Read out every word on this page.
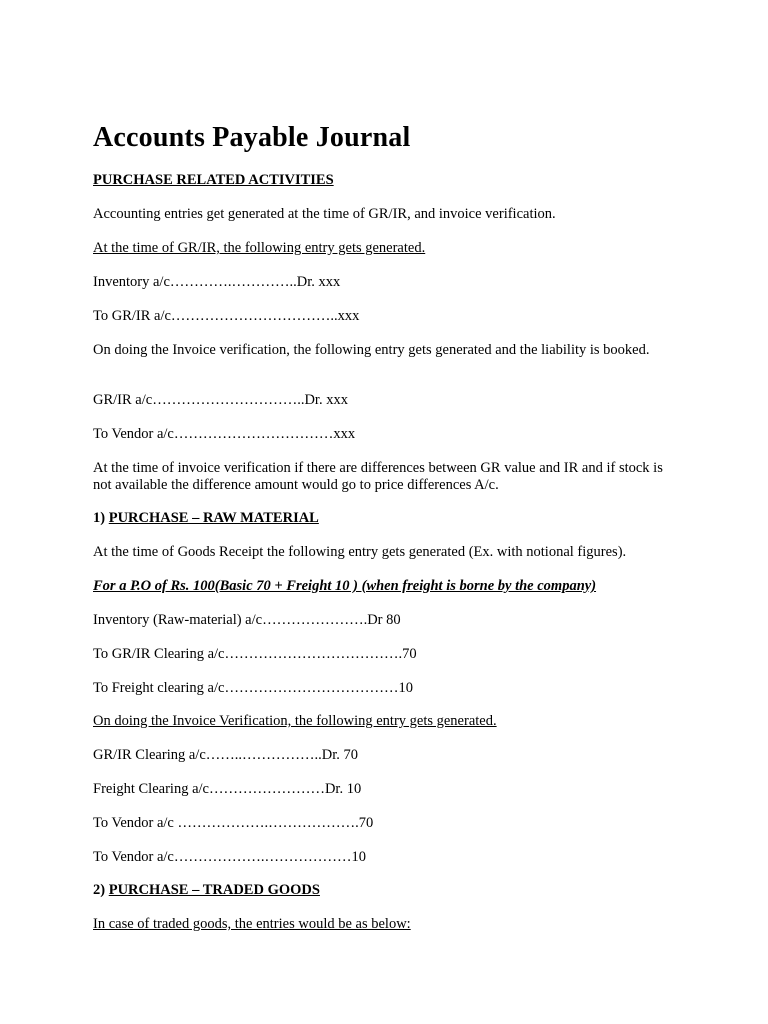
Accounts Payable Journal
PURCHASE RELATED ACTIVITIES
Accounting entries get generated at the time of GR/IR, and invoice verification.
At the time of GR/IR, the following entry gets generated.
Inventory a/c………….…………..Dr. xxx
To GR/IR a/c……………………………..xxx
On doing the Invoice verification, the following entry gets generated and the liability is booked.
GR/IR a/c…………………………..Dr. xxx
To Vendor a/c……………………………xxx
At the time of invoice verification if there are differences between GR value and IR and if stock is not available the difference amount would go to price differences A/c.
1) PURCHASE – RAW MATERIAL
At the time of Goods Receipt the following entry gets generated (Ex. with notional figures).
For a P.O of Rs. 100(Basic 70 + Freight 10 ) (when freight is borne by the company)
Inventory (Raw-material) a/c………………….Dr 80
To GR/IR Clearing a/c……………………………….70
To Freight clearing a/c………………………………10
On doing the Invoice Verification, the following entry gets generated.
GR/IR Clearing a/c……..……………..Dr. 70
Freight Clearing a/c……………………Dr. 10
To Vendor a/c ……………….……………….70
To Vendor a/c……………….………………10
2) PURCHASE – TRADED GOODS
In case of traded goods, the entries would be as below:
